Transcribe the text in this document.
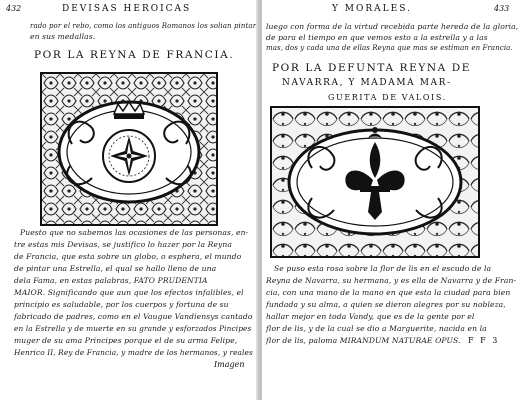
432	DEVISAS HEROICAS
rado por el rebo, como los antiguos Romanos los solian pintar
en sus medallas.
POR LA REYNA DE FRANCIA.
Puesto que no sabemos las ocasiones de las personas, en-
tre estas mis Devisas, se justifico lo hazer por la Reyna
de Francia, que esta sobre un globo, o esphera, el mundo
de pintar una Estrella, el qual se hallo lleno de una
dela Fama, en estas palabras, FATO PRUDENTIA
MAIOR. Significando que aun que los efectos infalibles, el
principio es saludable, por los cuerpos y fortuna de su
fabricado de padres, como en el Vaugue Vandiensys cantado
en la Estrella y de muerte en su grande y esforzados Pincipes
muger de su ama Principes porque el de su arma Felipe,
Henrico II, Rey de Francia, y madre de los hermanos, y reales
Imagen
Y MORALES.	433
luego con forma de la virtud recebida parte hereda de la gloria,
de para el tiempo en que vemos esto a la estrella y a las
mas, dos y cada una de ellas Reyna que mas se estiman en Francia.
POR LA DEFUNTA REYNA DE
NAVARRA, Y MADAMA MAR-
GUERITA DE VALOIS.
Se puso esta rosa sobre la flor de lis en el escudo de la
Reyna de Navarra, su hermana, y es ella de Navarra y de Fran-
cia, con una mano de la mano en que esta la ciudad para bien
fundada y su alma, a quien se dieron alegres por su nobleza,
hallar mejor en toda Vandy, que es de la gente por el
flor de lis, y de la cual se dio a Marguerite, nacida en la
flor de lis, paloma MIRANDUM NATURAE OPUS. F F 3
